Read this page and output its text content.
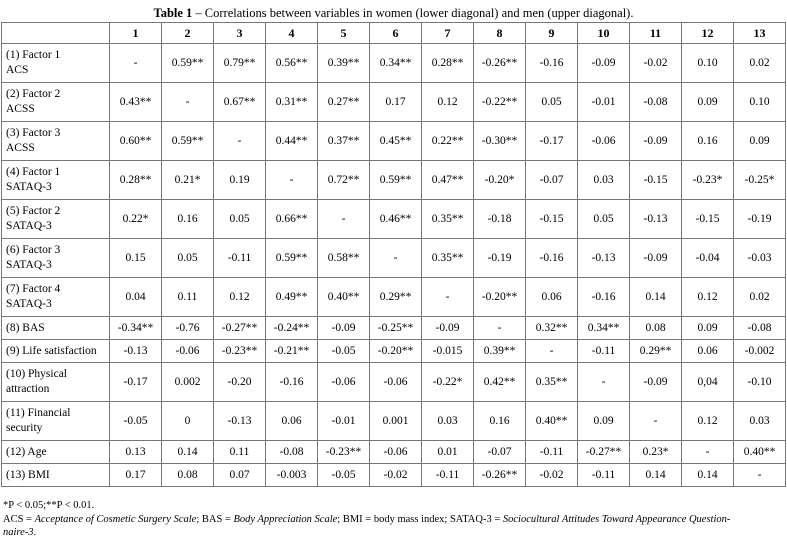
Table 1 – Correlations between variables in women (lower diagonal) and men (upper diagonal).
	1	2	3	4	5	6	7	8	9	10	11	12	13
(1) Factor 1
ACS	-	0.59**	0.79**	0.56**	0.39**	0.34**	0.28**	-0.26**	-0.16	-0.09	-0.02	0.10	0.02
(2) Factor 2
ACSS	0.43**	-	0.67**	0.31**	0.27**	0.17	0.12	-0.22**	0.05	-0.01	-0.08	0.09	0.10
(3) Factor 3
ACSS	0.60**	0.59**	-	0.44**	0.37**	0.45**	0.22**	-0.30**	-0.17	-0.06	-0.09	0.16	0.09
(4) Factor 1
SATAQ-3	0.28**	0.21*	0.19	-	0.72**	0.59**	0.47**	-0.20*	-0.07	0.03	-0.15	-0.23*	-0.25*
(5) Factor 2
SATAQ-3	0.22*	0.16	0.05	0.66**	-	0.46**	0.35**	-0.18	-0.15	0.05	-0.13	-0.15	-0.19
(6) Factor 3
SATAQ-3	0.15	0.05	-0.11	0.59**	0.58**	-	0.35**	-0.19	-0.16	-0.13	-0.09	-0.04	-0.03
(7) Factor 4
SATAQ-3	0.04	0.11	0.12	0.49**	0.40**	0.29**	-	-0.20**	0.06	-0.16	0.14	0.12	0.02
(8) BAS	-0.34**	-0.76	-0.27**	-0.24**	-0.09	-0.25**	-0.09	-	0.32**	0.34**	0.08	0.09	-0.08
(9) Life satisfaction	-0.13	-0.06	-0.23**	-0.21**	-0.05	-0.20**	-0.015	0.39**	-	-0.11	0.29**	0.06	-0.002
(10) Physical
attraction	-0.17	0.002	-0.20	-0.16	-0.06	-0.06	-0.22*	0.42**	0.35**	-	-0.09	0,04	-0.10
(11) Financial
security	-0.05	0	-0.13	0.06	-0.01	0.001	0.03	0.16	0.40**	0.09	-	0.12	0.03
(12) Age	0.13	0.14	0.11	-0.08	-0.23**	-0.06	0.01	-0.07	-0.11	-0.27**	0.23*	-	0.40**
(13) BMI	0.17	0.08	0.07	-0.003	-0.05	-0.02	-0.11	-0.26**	-0.02	-0.11	0.14	0.14	-
*P < 0.05;**P < 0.01.
ACS = Acceptance of Cosmetic Surgery Scale; BAS = Body Appreciation Scale; BMI = body mass index; SATAQ-3 = Sociocultural Attitudes Toward Appearance Question-
naire-3.
